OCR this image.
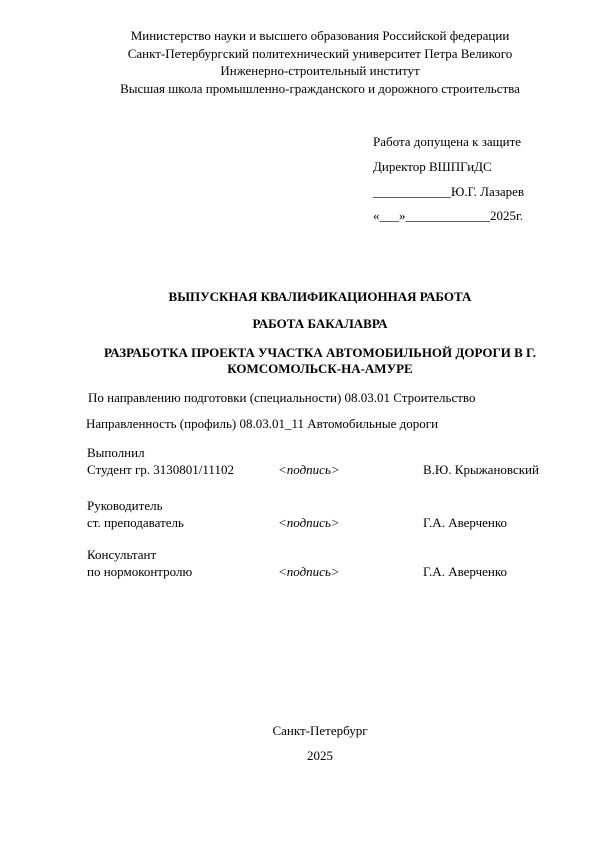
Министерство науки и высшего образования Российской федерации
Санкт-Петербургский политехнический университет Петра Великого
Инженерно-строительный институт
Высшая школа промышленно-гражданского и дорожного строительства
Работа допущена к защите
Директор ВШПГиДС
____________Ю.Г. Лазарев
«___»_____________2025г.
ВЫПУСКНАЯ КВАЛИФИКАЦИОННАЯ РАБОТА
РАБОТА БАКАЛАВРА
РАЗРАБОТКА ПРОЕКТА УЧАСТКА АВТОМОБИЛЬНОЙ ДОРОГИ В Г.
КОМСОМОЛЬСК-НА-АМУРЕ
По направлению подготовки (специальности) 08.03.01 Строительство
Направленность (профиль) 08.03.01_11 Автомобильные дороги
Выполнил
Студент гр. 3130801/11102	<подпись>	В.Ю. Крыжановский
Руководитель
ст. преподаватель	<подпись>	Г.А. Аверченко
Консультант
по нормоконтролю	<подпись>	Г.А. Аверченко
Санкт-Петербург
2025
